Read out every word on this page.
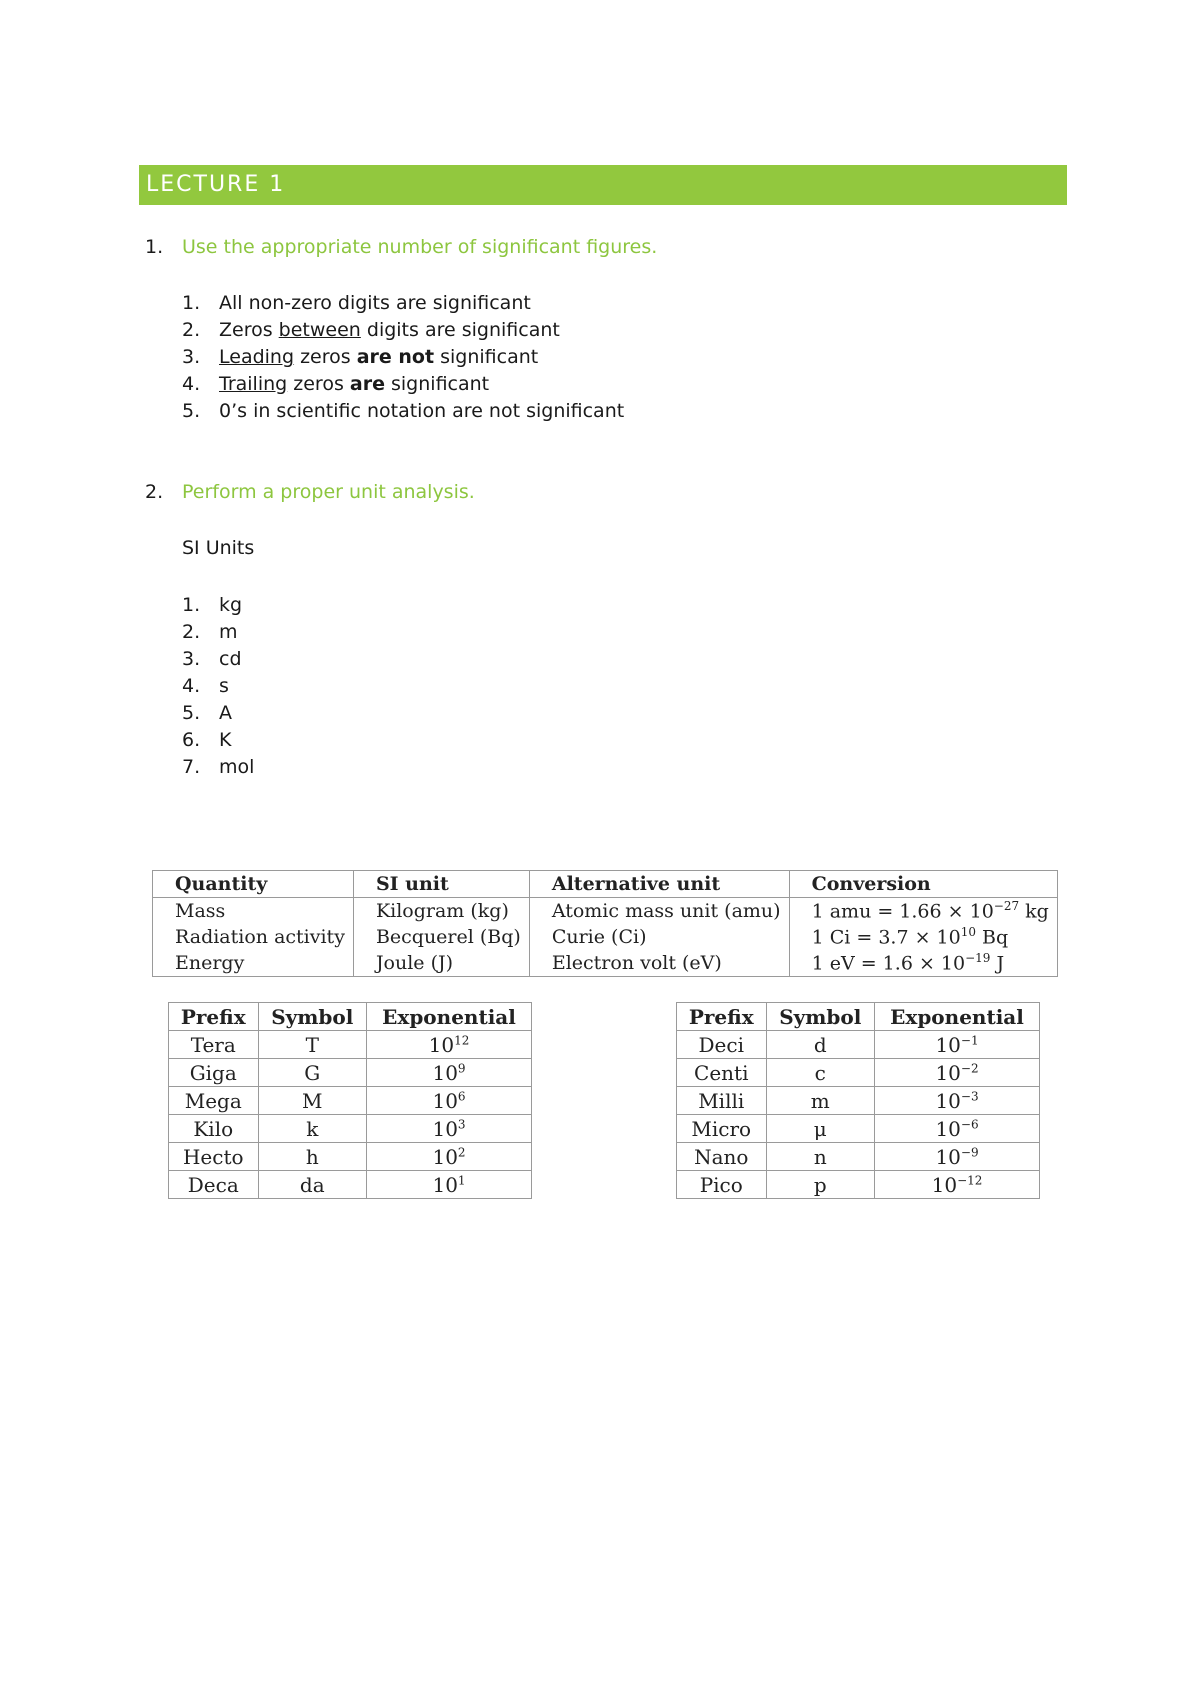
LECTURE 1
1. Use the appropriate number of significant figures.
1. All non-zero digits are significant
2. Zeros between digits are significant
3. Leading zeros are not significant
4. Trailing zeros are significant
5. 0’s in scientific notation are not significant
2. Perform a proper unit analysis.
SI Units
1. kg
2. m
3. cd
4. s
5. A
6. K
7. mol
Quantity	SI unit	Alternative unit	Conversion
Mass	Kilogram (kg)	Atomic mass unit (amu)	1 amu = $1.66 \times 10^{-27}$ kg
Radiation activity	Becquerel (Bq)	Curie (Ci)	1 $Ci = 3.7 \times 10^{10}$ Bq
Energy	Joule (J)	Electron volt (eV)	1 eV = $1.6 \times 10^{-19}$ J
Prefix	Symbol	Exponential
Tera	T	$10^{12}$
Giga	G	$10^9$
Mega	M	$10^6$
Kilo	k	$10^3$
Hecto	h	$10^2$
Deca	da	$10^1$
Prefix	Symbol	Exponential
Deci	d	$10^{-1}$
Centi	c	$10^{-2}$
Milli	m	$10^{-3}$
Micro	μ	$10^{-6}$
Nano	n	$10^{-9}$
Pico	p	$10^{-12}$
